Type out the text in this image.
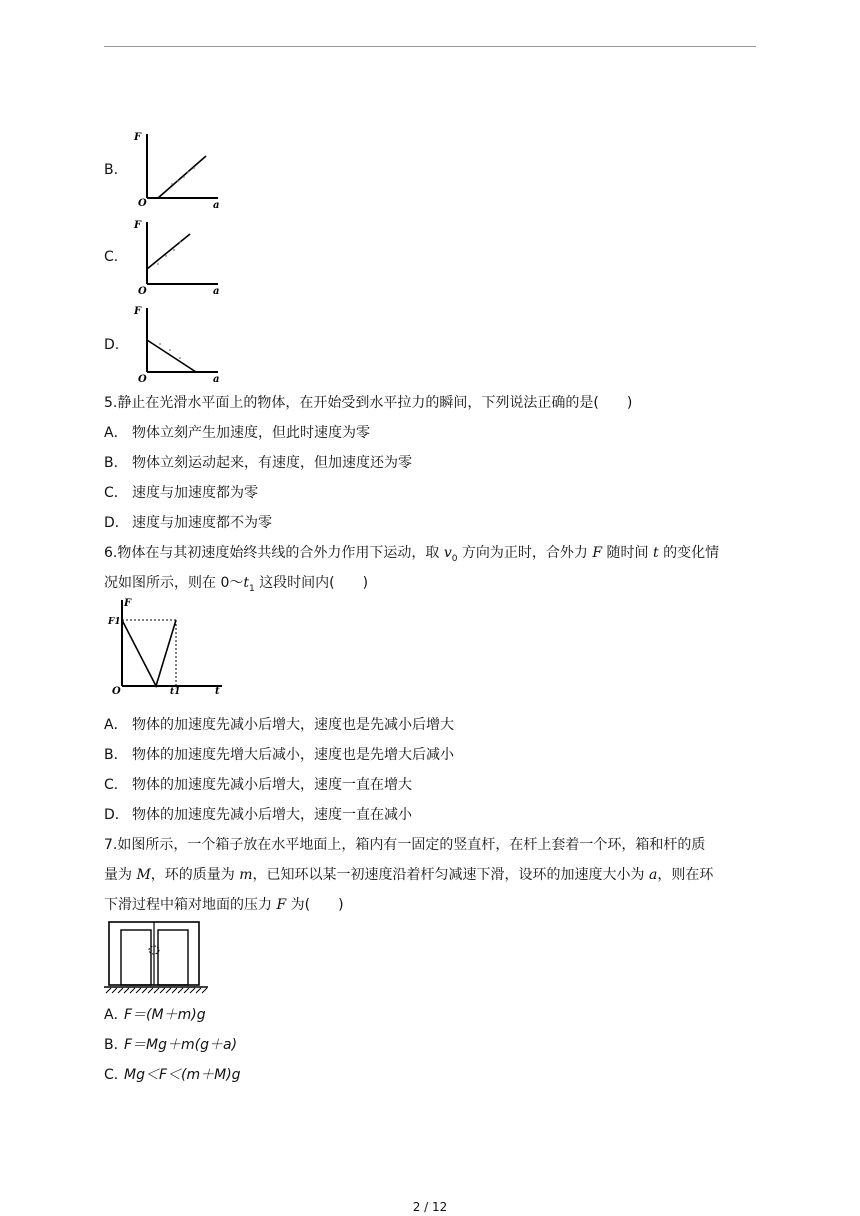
B.
F
O	a
C.
F
O	a
D.
F
O	a
5.静止在光滑水平面上的物体，在开始受到水平拉力的瞬间，下列说法正确的是(　　)
A． 物体立刻产生加速度，但此时速度为零
B． 物体立刻运动起来，有速度，但加速度还为零
C． 速度与加速度都为零
D． 速度与加速度都不为零
6.物体在与其初速度始终共线的合外力作用下运动，取 $v_0$ 方向为正时，合外力 F 随时间 t 的变化情
况如图所示，则在 $0\sim t_1$ 这段时间内(　　)
F
F1
O	t1	t
A． 物体的加速度先减小后增大，速度也是先减小后增大
B． 物体的加速度先增大后减小，速度也是先增大后减小
C． 物体的加速度先减小后增大，速度一直在增大
D． 物体的加速度先减小后增大，速度一直在减小
7.如图所示，一个箱子放在水平地面上，箱内有一固定的竖直杆，在杆上套着一个环，箱和杆的质
量为 M，环的质量为 m，已知环以某一初速度沿着杆匀减速下滑，设环的加速度大小为 a，则在环
下滑过程中箱对地面的压力 F 为(　　)
A．F＝(M＋m)g
B．F＝Mg＋m(g＋a)
C．Mg＜F＜(m＋M)g
2 / 12
